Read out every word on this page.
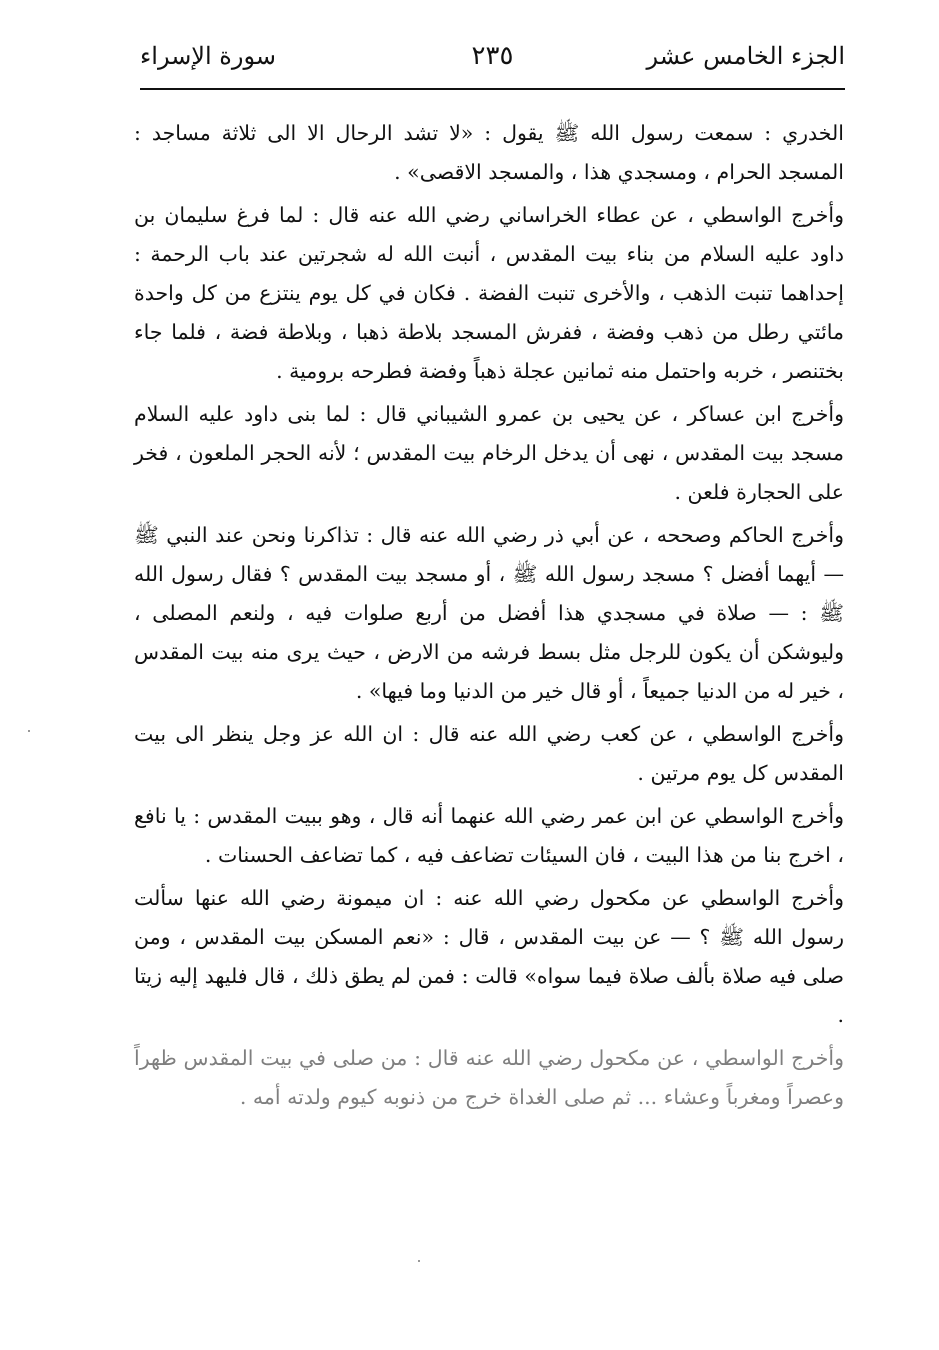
الجزء الخامس عشر
٢٣٥
سورة الإسراء

الخدري : سمعت رسول الله ﷺ يقول : «لا تشد الرحال الا الى ثلاثة مساجد : المسجد الحرام ، ومسجدي هذا ، والمسجد الاقصى» .

وأخرج الواسطي ، عن عطاء الخراساني رضي الله عنه قال : لما فرغ سليمان بن داود عليه السلام من بناء بيت المقدس ، أنبت الله له شجرتين عند باب الرحمة : إحداهما تنبت الذهب ، والأخرى تنبت الفضة . فكان في كل يوم ينتزع من كل واحدة مائتي رطل من ذهب وفضة ، ففرش المسجد بلاطة ذهبا ، وبلاطة فضة ، فلما جاء بختنصر ، خربه واحتمل منه ثمانين عجلة ذهباً وفضة فطرحه برومية .

وأخرج ابن عساكر ، عن يحيى بن عمرو الشيباني قال : لما بنى داود عليه السلام مسجد بيت المقدس ، نهى أن يدخل الرخام بيت المقدس ؛ لأنه الحجر الملعون ، فخر على الحجارة فلعن .

وأخرج الحاكم وصححه ، عن أبي ذر رضي الله عنه قال : تذاكرنا ونحن عند النبي ﷺ — أيهما أفضل ؟ مسجد رسول الله ﷺ ، أو مسجد بيت المقدس ؟ فقال رسول الله ﷺ : — صلاة في مسجدي هذا أفضل من أربع صلوات فيه ، ولنعم المصلى ، وليوشكن أن يكون للرجل مثل بسط فرشه من الارض ، حيث يرى منه بيت المقدس ، خير له من الدنيا جميعاً ، أو قال خير من الدنيا وما فيها» .

وأخرج الواسطي ، عن كعب رضي الله عنه قال : ان الله عز وجل ينظر الى بيت المقدس كل يوم مرتين .

وأخرج الواسطي عن ابن عمر رضي الله عنهما أنه قال ، وهو ببيت المقدس : يا نافع ، اخرج بنا من هذا البيت ، فان السيئات تضاعف فيه ، كما تضاعف الحسنات .

وأخرج الواسطي عن مكحول رضي الله عنه : ان ميمونة رضي الله عنها سألت رسول الله ﷺ ؟ — عن بيت المقدس ، قال : «نعم المسكن بيت المقدس ، ومن صلى فيه صلاة بألف صلاة فيما سواه» قالت : فمن لم يطق ذلك ، قال فليهد إليه زيتا .

وأخرج الواسطي ، عن مكحول رضي الله عنه قال : من صلى في بيت المقدس ظهراً وعصراً ومغرباً وعشاء ... ثم صلى الغداة خرج من ذنوبه كيوم ولدته أمه .
